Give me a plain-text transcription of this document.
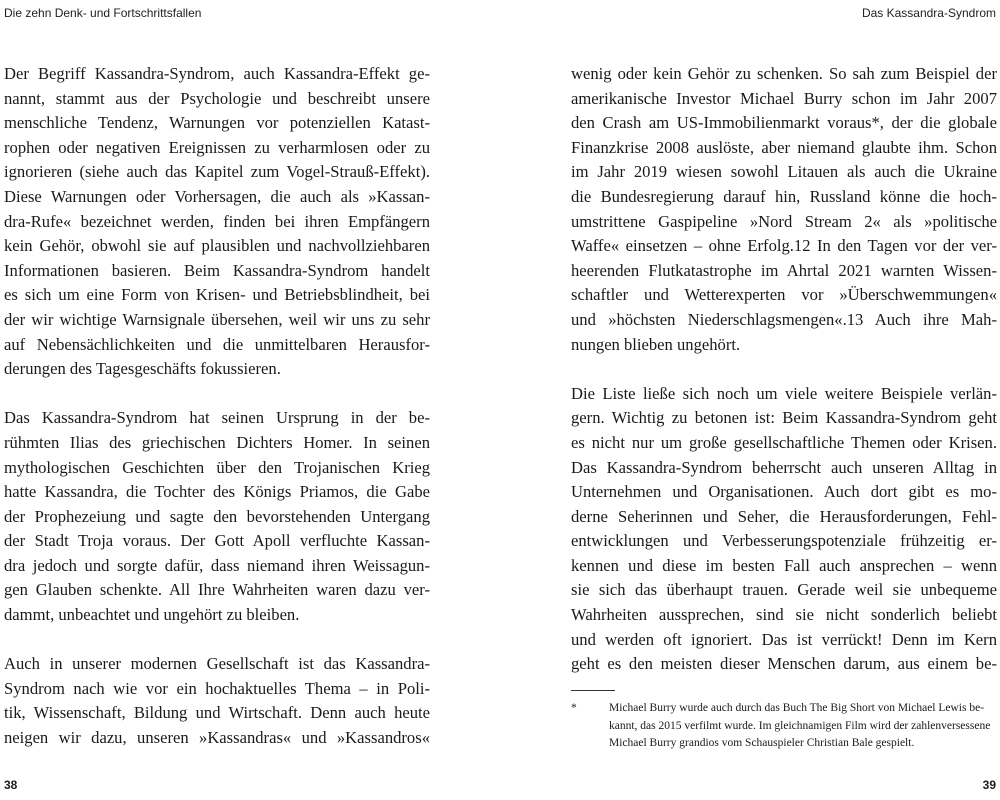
Die zehn Denk- und Fortschrittsfallen
Der Begriff Kassandra-Syndrom, auch Kassandra-Effekt ge-
nannt, stammt aus der Psychologie und beschreibt unsere
menschliche Tendenz, Warnungen vor potenziellen Katast-
rophen oder negativen Ereignissen zu verharmlosen oder zu
ignorieren (siehe auch das Kapitel zum Vogel-Strauß-Effekt).
Diese Warnungen oder Vorhersagen, die auch als »Kassan-
dra-Rufe« bezeichnet werden, finden bei ihren Empfängern
kein Gehör, obwohl sie auf plausiblen und nachvollziehbaren
Informationen basieren. Beim Kassandra-Syndrom handelt
es sich um eine Form von Krisen- und Betriebsblindheit, bei
der wir wichtige Warnsignale übersehen, weil wir uns zu sehr
auf Nebensächlichkeiten und die unmittelbaren Herausfor-
derungen des Tagesgeschäfts fokussieren.
Das Kassandra-Syndrom hat seinen Ursprung in der be-
rühmten Ilias des griechischen Dichters Homer. In seinen
mythologischen Geschichten über den Trojanischen Krieg
hatte Kassandra, die Tochter des Königs Priamos, die Gabe
der Prophezeiung und sagte den bevorstehenden Untergang
der Stadt Troja voraus. Der Gott Apoll verfluchte Kassan-
dra jedoch und sorgte dafür, dass niemand ihren Weissagun-
gen Glauben schenkte. All Ihre Wahrheiten waren dazu ver-
dammt, unbeachtet und ungehört zu bleiben.
Auch in unserer modernen Gesellschaft ist das Kassandra-
Syndrom nach wie vor ein hochaktuelles Thema – in Poli-
tik, Wissenschaft, Bildung und Wirtschaft. Denn auch heute
neigen wir dazu, unseren »Kassandras« und »Kassandros«
38
Das Kassandra-Syndrom
wenig oder kein Gehör zu schenken. So sah zum Beispiel der
amerikanische Investor Michael Burry schon im Jahr 2007
den Crash am US-Immobilienmarkt voraus*, der die globale
Finanzkrise 2008 auslöste, aber niemand glaubte ihm. Schon
im Jahr 2019 wiesen sowohl Litauen als auch die Ukraine
die Bundesregierung darauf hin, Russland könne die hoch-
umstrittene Gaspipeline »Nord Stream 2« als »politische
Waffe« einsetzen – ohne Erfolg.12 In den Tagen vor der ver-
heerenden Flutkatastrophe im Ahrtal 2021 warnten Wissen-
schaftler und Wetterexperten vor »Überschwemmungen«
und »höchsten Niederschlagsmengen«.13 Auch ihre Mah-
nungen blieben ungehört.
Die Liste ließe sich noch um viele weitere Beispiele verlän-
gern. Wichtig zu betonen ist: Beim Kassandra-Syndrom geht
es nicht nur um große gesellschaftliche Themen oder Krisen.
Das Kassandra-Syndrom beherrscht auch unseren Alltag in
Unternehmen und Organisationen. Auch dort gibt es mo-
derne Seherinnen und Seher, die Herausforderungen, Fehl-
entwicklungen und Verbesserungspotenziale frühzeitig er-
kennen und diese im besten Fall auch ansprechen – wenn
sie sich das überhaupt trauen. Gerade weil sie unbequeme
Wahrheiten aussprechen, sind sie nicht sonderlich beliebt
und werden oft ignoriert. Das ist verrückt! Denn im Kern
geht es den meisten dieser Menschen darum, aus einem be-
*	Michael Burry wurde auch durch das Buch The Big Short von Michael Lewis be-
kannt, das 2015 verfilmt wurde. Im gleichnamigen Film wird der zahlenversessene
Michael Burry grandios vom Schauspieler Christian Bale gespielt.
39
